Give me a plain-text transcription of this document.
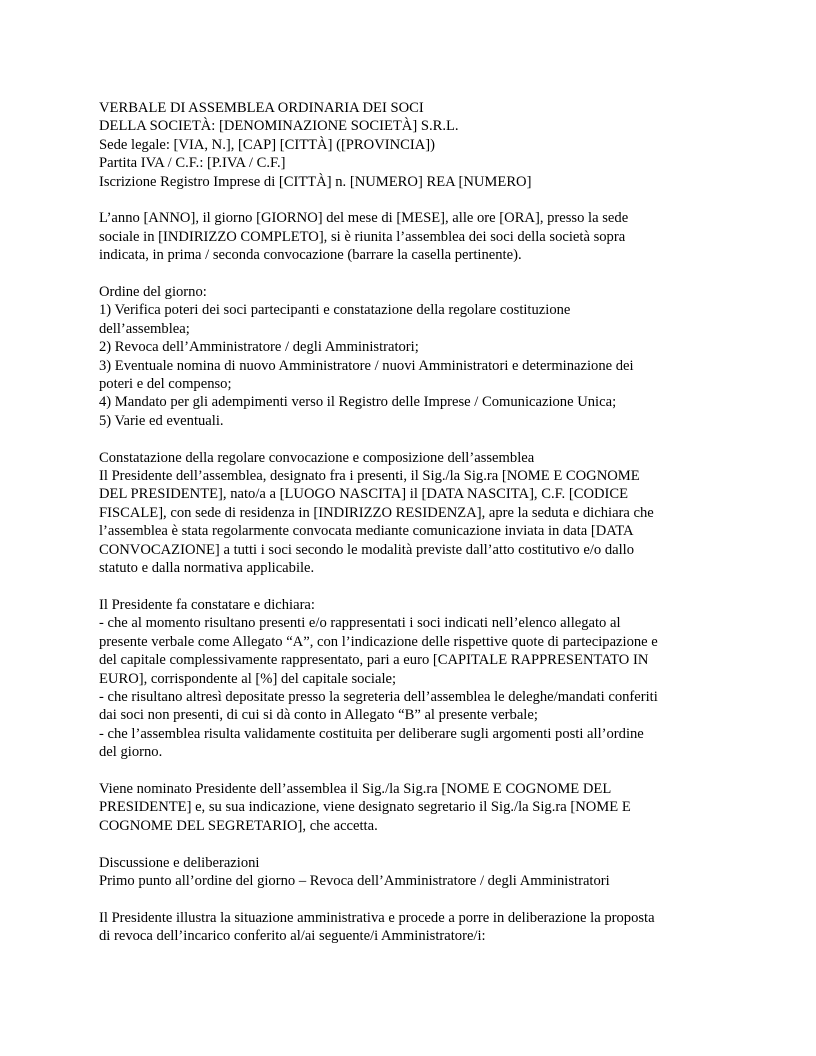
VERBALE DI ASSEMBLEA ORDINARIA DEI SOCI
DELLA SOCIETÀ: [DENOMINAZIONE SOCIETÀ] S.R.L.
Sede legale: [VIA, N.], [CAP] [CITTÀ] ([PROVINCIA])
Partita IVA / C.F.: [P.IVA / C.F.]
Iscrizione Registro Imprese di [CITTÀ] n. [NUMERO] REA [NUMERO]
L’anno [ANNO], il giorno [GIORNO] del mese di [MESE], alle ore [ORA], presso la sede
sociale in [INDIRIZZO COMPLETO], si è riunita l’assemblea dei soci della società sopra
indicata, in prima / seconda convocazione (barrare la casella pertinente).
Ordine del giorno:
1) Verifica poteri dei soci partecipanti e constatazione della regolare costituzione
dell’assemblea;
2) Revoca dell’Amministratore / degli Amministratori;
3) Eventuale nomina di nuovo Amministratore / nuovi Amministratori e determinazione dei
poteri e del compenso;
4) Mandato per gli adempimenti verso il Registro delle Imprese / Comunicazione Unica;
5) Varie ed eventuali.
Constatazione della regolare convocazione e composizione dell’assemblea
Il Presidente dell’assemblea, designato fra i presenti, il Sig./la Sig.ra [NOME E COGNOME
DEL PRESIDENTE], nato/a a [LUOGO NASCITA] il [DATA NASCITA], C.F. [CODICE
FISCALE], con sede di residenza in [INDIRIZZO RESIDENZA], apre la seduta e dichiara che
l’assemblea è stata regolarmente convocata mediante comunicazione inviata in data [DATA
CONVOCAZIONE] a tutti i soci secondo le modalità previste dall’atto costitutivo e/o dallo
statuto e dalla normativa applicabile.
Il Presidente fa constatare e dichiara:
- che al momento risultano presenti e/o rappresentati i soci indicati nell’elenco allegato al
presente verbale come Allegato “A”, con l’indicazione delle rispettive quote di partecipazione e
del capitale complessivamente rappresentato, pari a euro [CAPITALE RAPPRESENTATO IN
EURO], corrispondente al [%] del capitale sociale;
- che risultano altresì depositate presso la segreteria dell’assemblea le deleghe/mandati conferiti
dai soci non presenti, di cui si dà conto in Allegato “B” al presente verbale;
- che l’assemblea risulta validamente costituita per deliberare sugli argomenti posti all’ordine
del giorno.
Viene nominato Presidente dell’assemblea il Sig./la Sig.ra [NOME E COGNOME DEL
PRESIDENTE] e, su sua indicazione, viene designato segretario il Sig./la Sig.ra [NOME E
COGNOME DEL SEGRETARIO], che accetta.
Discussione e deliberazioni
Primo punto all’ordine del giorno – Revoca dell’Amministratore / degli Amministratori
Il Presidente illustra la situazione amministrativa e procede a porre in deliberazione la proposta
di revoca dell’incarico conferito al/ai seguente/i Amministratore/i:
